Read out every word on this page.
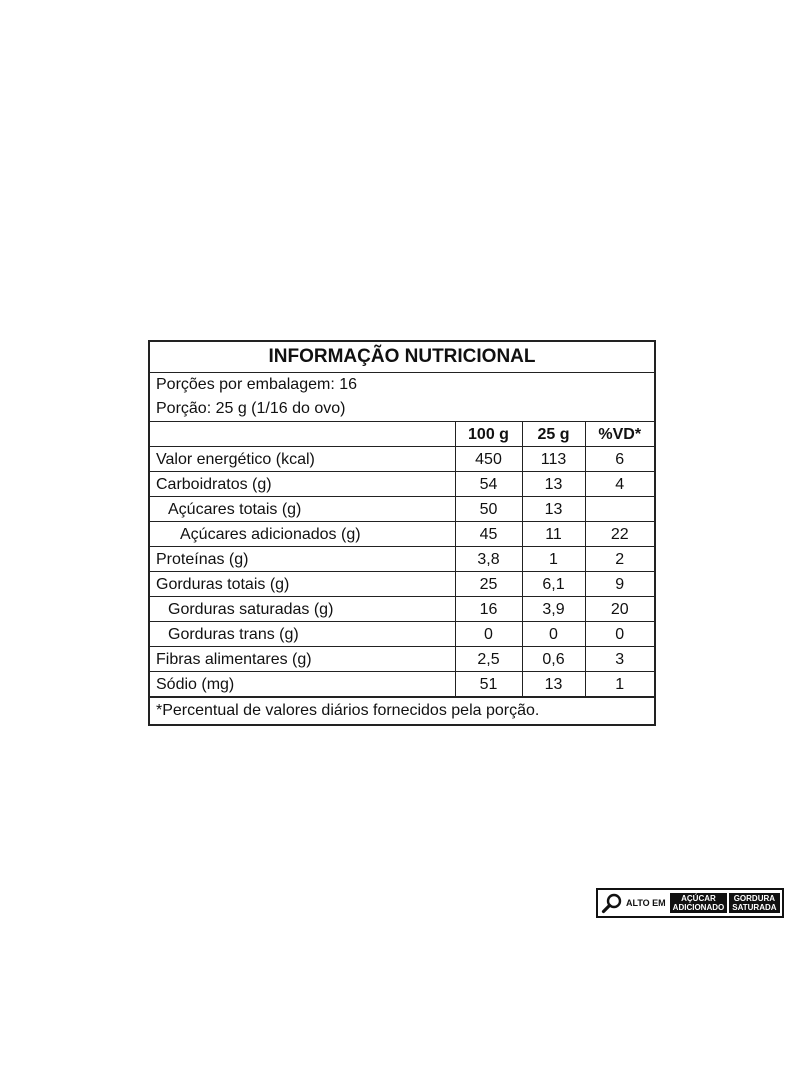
INFORMAÇÃO NUTRICIONAL
Porções por embalagem: 16
Porção: 25 g (1/16 do ovo)
	100 g	25 g	%VD*
Valor energético (kcal)	450	113	6
Carboidratos (g)	54	13	4
Açúcares totais (g)	50	13	
Açúcares adicionados (g)	45	11	22
Proteínas (g)	3,8	1	2
Gorduras totais (g)	25	6,1	9
Gorduras saturadas (g)	16	3,9	20
Gorduras trans (g)	0	0	0
Fibras alimentares (g)	2,5	0,6	3
Sódio (mg)	51	13	1
*Percentual de valores diários fornecidos pela porção.
ALTO EM	AÇÚCAR
ADICIONADO
GORDURA
SATURADA
